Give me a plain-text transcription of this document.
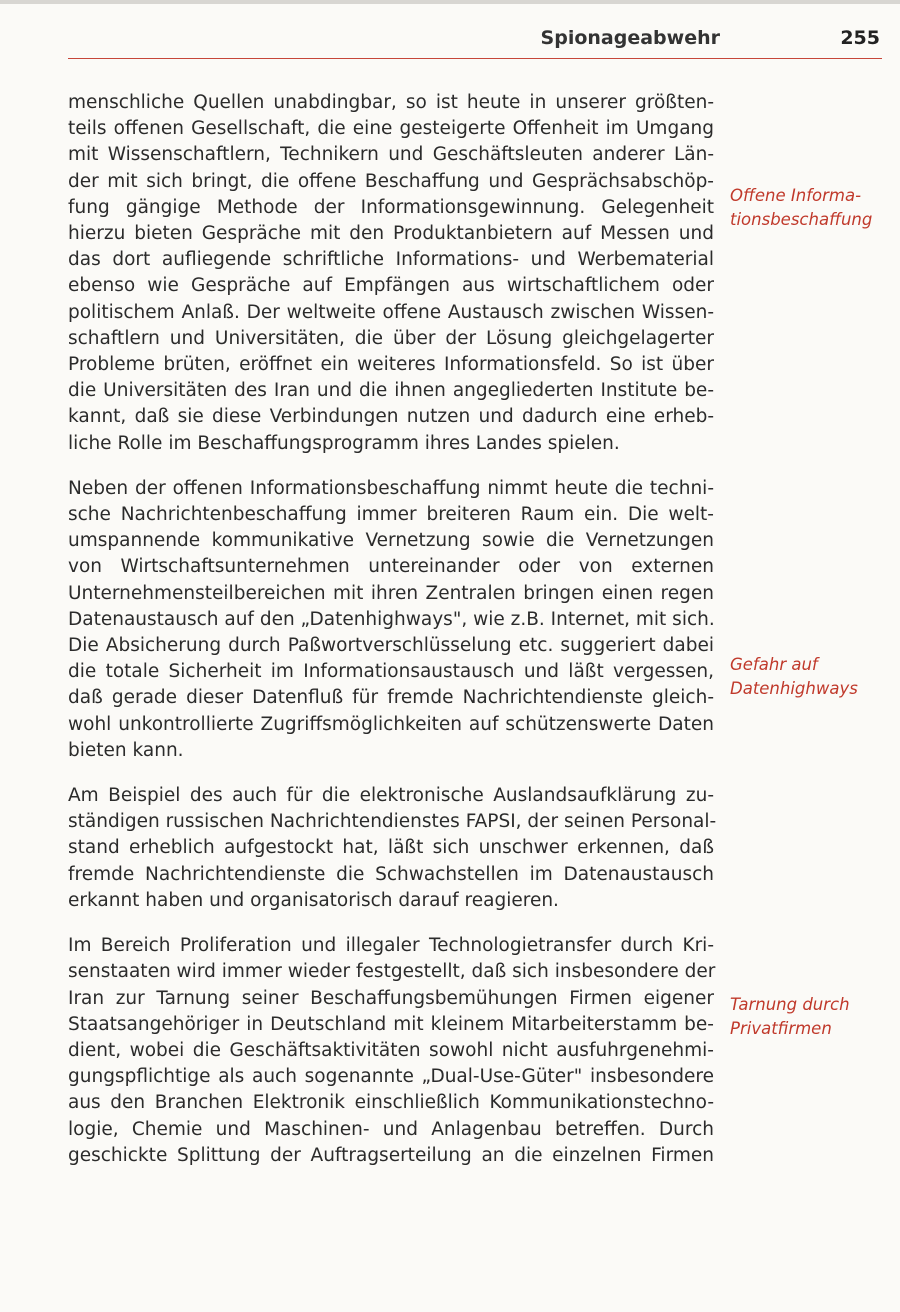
Spionageabwehr	255

menschliche Quellen unabdingbar, so ist heute in unserer größten-
teils offenen Gesellschaft, die eine gesteigerte Offenheit im Umgang
mit Wissenschaftlern, Technikern und Geschäftsleuten anderer Län-
der mit sich bringt, die offene Beschaffung und Gesprächsabschöp-
fung gängige Methode der Informationsgewinnung. Gelegenheit
hierzu bieten Gespräche mit den Produktanbietern auf Messen und
das dort aufliegende schriftliche Informations- und Werbematerial
ebenso wie Gespräche auf Empfängen aus wirtschaftlichem oder
politischem Anlaß. Der weltweite offene Austausch zwischen Wissen-
schaftlern und Universitäten, die über der Lösung gleichgelagerter
Probleme brüten, eröffnet ein weiteres Informationsfeld. So ist über
die Universitäten des Iran und die ihnen angegliederten Institute be-
kannt, daß sie diese Verbindungen nutzen und dadurch eine erheb-
liche Rolle im Beschaffungsprogramm ihres Landes spielen.

Neben der offenen Informationsbeschaffung nimmt heute die techni-
sche Nachrichtenbeschaffung immer breiteren Raum ein. Die welt-
umspannende kommunikative Vernetzung sowie die Vernetzungen
von Wirtschaftsunternehmen untereinander oder von externen
Unternehmensteilbereichen mit ihren Zentralen bringen einen regen
Datenaustausch auf den „Datenhighways", wie z.B. Internet, mit sich.
Die Absicherung durch Paßwortverschlüsselung etc. suggeriert dabei
die totale Sicherheit im Informationsaustausch und läßt vergessen,
daß gerade dieser Datenfluß für fremde Nachrichtendienste gleich-
wohl unkontrollierte Zugriffsmöglichkeiten auf schützenswerte Daten
bieten kann.

Am Beispiel des auch für die elektronische Auslandsaufklärung zu-
ständigen russischen Nachrichtendienstes FAPSI, der seinen Personal-
stand erheblich aufgestockt hat, läßt sich unschwer erkennen, daß
fremde Nachrichtendienste die Schwachstellen im Datenaustausch
erkannt haben und organisatorisch darauf reagieren.

Im Bereich Proliferation und illegaler Technologietransfer durch Kri-
senstaaten wird immer wieder festgestellt, daß sich insbesondere der
Iran zur Tarnung seiner Beschaffungsbemühungen Firmen eigener
Staatsangehöriger in Deutschland mit kleinem Mitarbeiterstamm be-
dient, wobei die Geschäftsaktivitäten sowohl nicht ausfuhrgenehmi-
gungspflichtige als auch sogenannte „Dual-Use-Güter" insbesondere
aus den Branchen Elektronik einschließlich Kommunikationstechno-
logie, Chemie und Maschinen- und Anlagenbau betreffen. Durch
geschickte Splittung der Auftragserteilung an die einzelnen Firmen

Offene Informa-
tionsbeschaffung
Gefahr auf
Datenhighways
Tarnung durch
Privatfirmen
